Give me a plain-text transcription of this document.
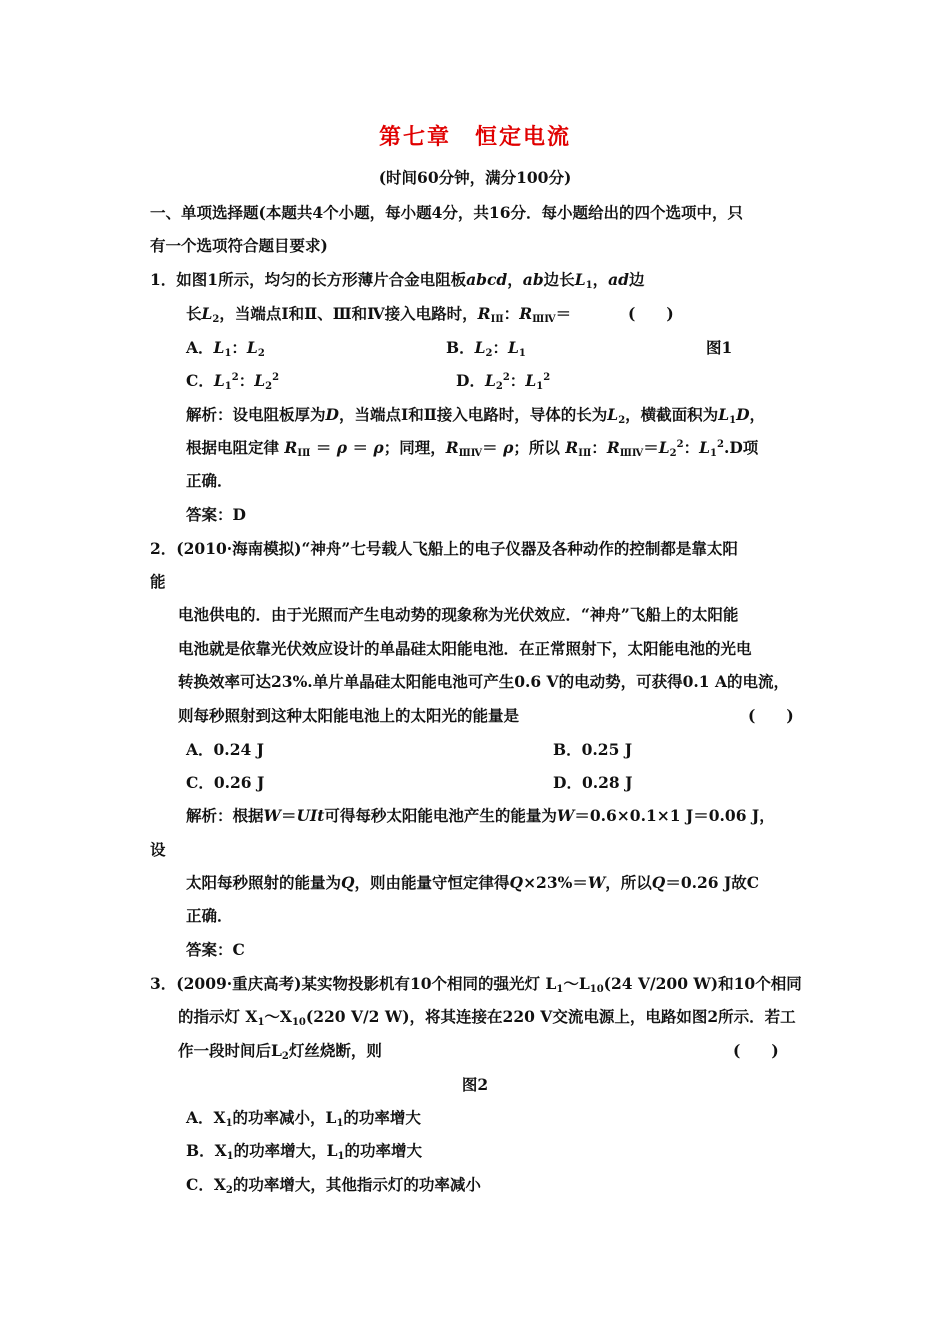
第七章　恒定电流
(时间60分钟，满分100分)
一、单项选择题(本题共4个小题，每小题4分，共16分．每小题给出的四个选项中，只
有一个选项符合题目要求)
1．如图1所示，均匀的长方形薄片合金电阻板abcd，ab边长$L_1$，ad边
长$L_2$，当端点Ⅰ和Ⅱ、Ⅲ和Ⅳ接入电路时，$R_{ⅠⅡ}$：$R_{ⅢⅣ}=$	(　　)
A．$L_1$：$L_2$	B．$L_2$：$L_1$	图1
C．$L_1^2$：$L_2^2$	D．$L_2^2$：$L_1^2$
解析：设电阻板厚为D，当端点Ⅰ和Ⅱ接入电路时，导体的长为$L_2$，横截面积为$L_1D$，
根据电阻定律 $R_{ⅠⅡ} = \rho = \rho$；同理，$R_{ⅢⅣ}= \rho$；所以 $R_{ⅠⅡ}$：$R_{ⅢⅣ}=L_2^2$：$L_1^2.D$项
正确．
答案：D
2．(2010·海南模拟)“神舟”七号载人飞船上的电子仪器及各种动作的控制都是靠太阳
能
电池供电的．由于光照而产生电动势的现象称为光伏效应．“神舟”飞船上的太阳能
电池就是依靠光伏效应设计的单晶硅太阳能电池．在正常照射下，太阳能电池的光电
转换效率可达23%.单片单晶硅太阳能电池可产生0.6 V的电动势，可获得0.1 A的电流，
则每秒照射到这种太阳能电池上的太阳光的能量是	(　　)
A．0.24 J	B．0.25 J
C．0.26 J	D．0.28 J
解析：根据W＝UIt可得每秒太阳能电池产生的能量为W＝0.6×0.1×1 J＝0.06 J，
设
太阳每秒照射的能量为Q，则由能量守恒定律得Q×23%＝W，所以Q＝0.26 J故C
正确．
答案：C
3．(2009·重庆高考)某实物投影机有10个相同的强光灯 $L_1\sim L_{10}(24$ V/200 W)和10个相同
的指示灯 $X_1\sim X_{10}(220$ V/2 W)，将其连接在220 V交流电源上，电路如图2所示．若工
作一段时间后$L_2$灯丝烧断，则	(　　)
图2
A．$X_1$的功率减小，$L_1$的功率增大
B．$X_1$的功率增大，$L_1$的功率增大
C．$X_2$的功率增大，其他指示灯的功率减小
